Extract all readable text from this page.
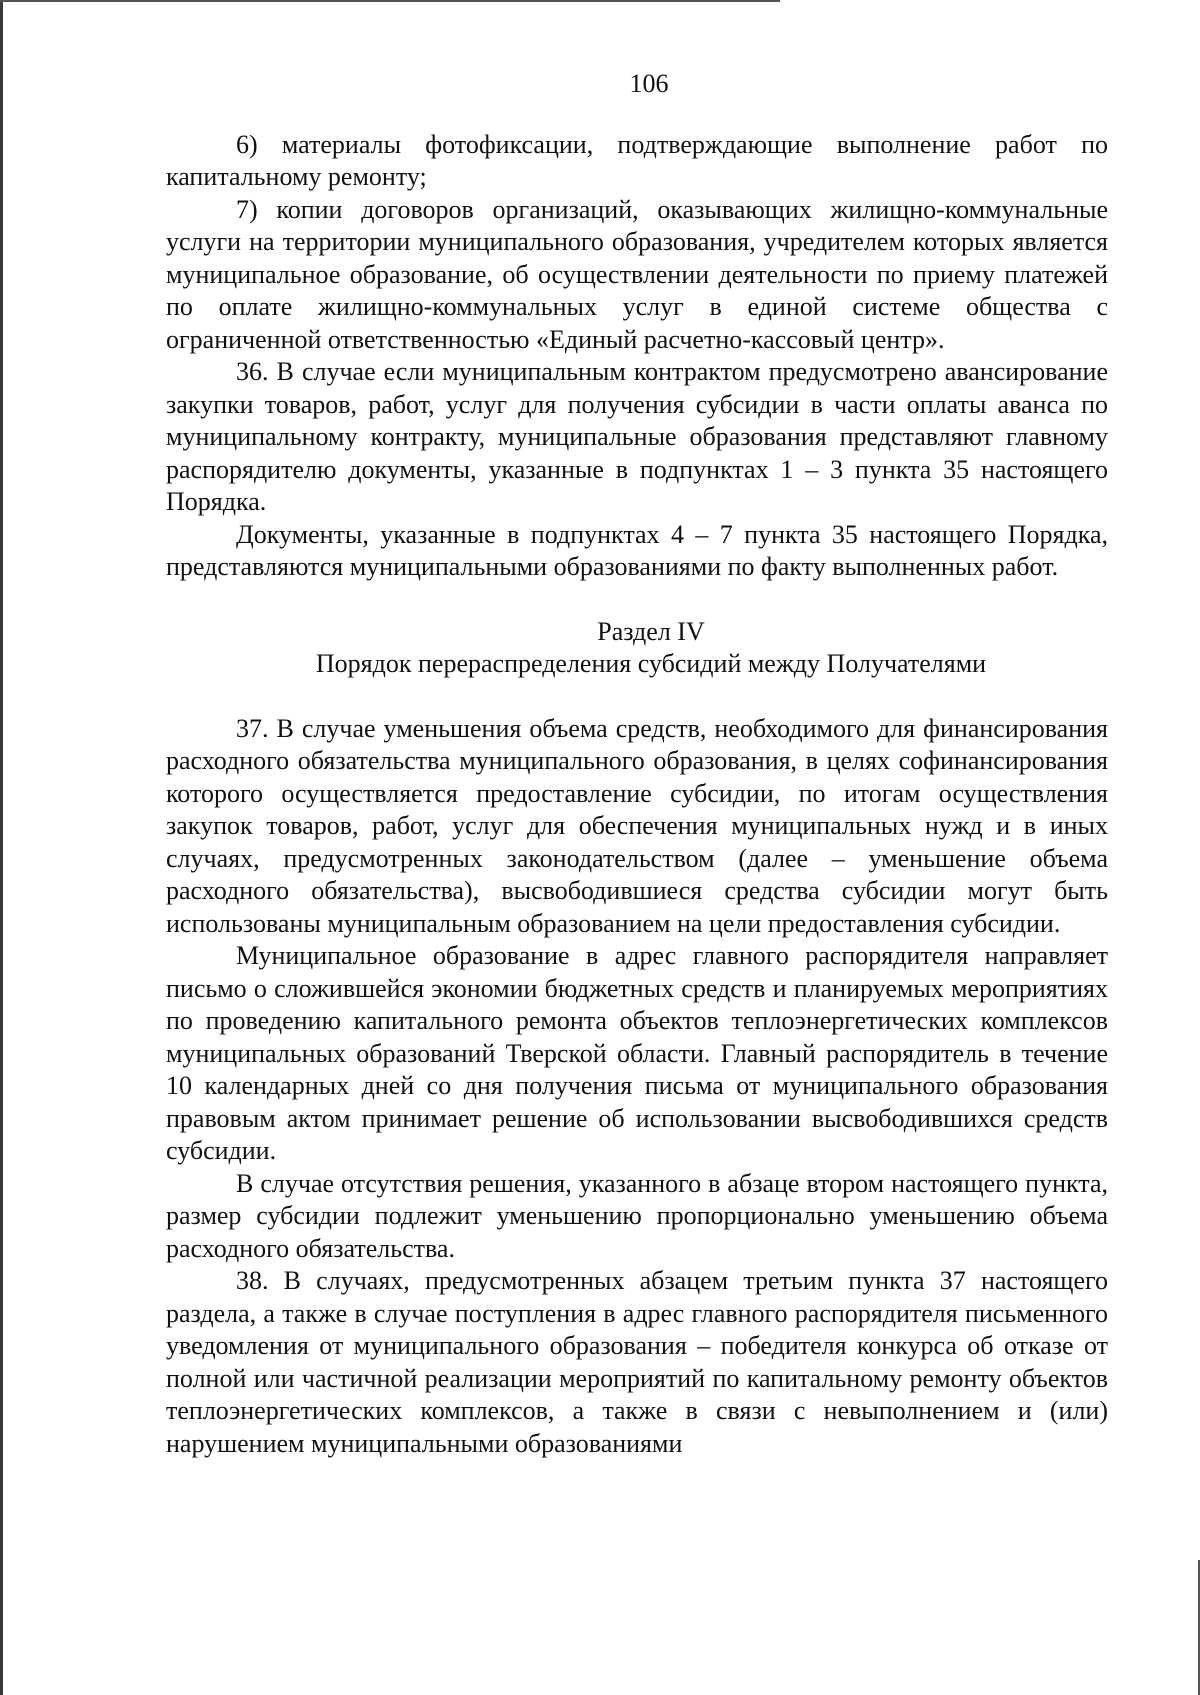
106

6) материалы фотофиксации, подтверждающие выполнение работ по капитальному ремонту;

7) копии договоров организаций, оказывающих жилищно-коммунальные услуги на территории муниципального образования, учредителем которых является муниципальное образование, об осуществлении деятельности по приему платежей по оплате жилищно-коммунальных услуг в единой системе общества с ограниченной ответственностью «Единый расчетно-кассовый центр».

36. В случае если муниципальным контрактом предусмотрено авансирование закупки товаров, работ, услуг для получения субсидии в части оплаты аванса по муниципальному контракту, муниципальные образования представляют главному распорядителю документы, указанные в подпунктах 1 – 3 пункта 35 настоящего Порядка.

Документы, указанные в подпунктах 4 – 7 пункта 35 настоящего Порядка, представляются муниципальными образованиями по факту выполненных работ.

Раздел IV

Порядок перераспределения субсидий между Получателями

37. В случае уменьшения объема средств, необходимого для финансирования расходного обязательства муниципального образования, в целях софинансирования которого осуществляется предоставление субсидии, по итогам осуществления закупок товаров, работ, услуг для обеспечения муниципальных нужд и в иных случаях, предусмотренных законодательством (далее – уменьшение объема расходного обязательства), высвободившиеся средства субсидии могут быть использованы муниципальным образованием на цели предоставления субсидии.

Муниципальное образование в адрес главного распорядителя направляет письмо о сложившейся экономии бюджетных средств и планируемых мероприятиях по проведению капитального ремонта объектов теплоэнергетических комплексов муниципальных образований Тверской области. Главный распорядитель в течение 10 календарных дней со дня получения письма от муниципального образования правовым актом принимает решение об использовании высвободившихся средств субсидии.

В случае отсутствия решения, указанного в абзаце втором настоящего пункта, размер субсидии подлежит уменьшению пропорционально уменьшению объема расходного обязательства.

38. В случаях, предусмотренных абзацем третьим пункта 37 настоящего раздела, а также в случае поступления в адрес главного распорядителя письменного уведомления от муниципального образования – победителя конкурса об отказе от полной или частичной реализации мероприятий по капитальному ремонту объектов теплоэнергетических комплексов, а также в связи с невыполнением и (или) нарушением муниципальными образованиями
